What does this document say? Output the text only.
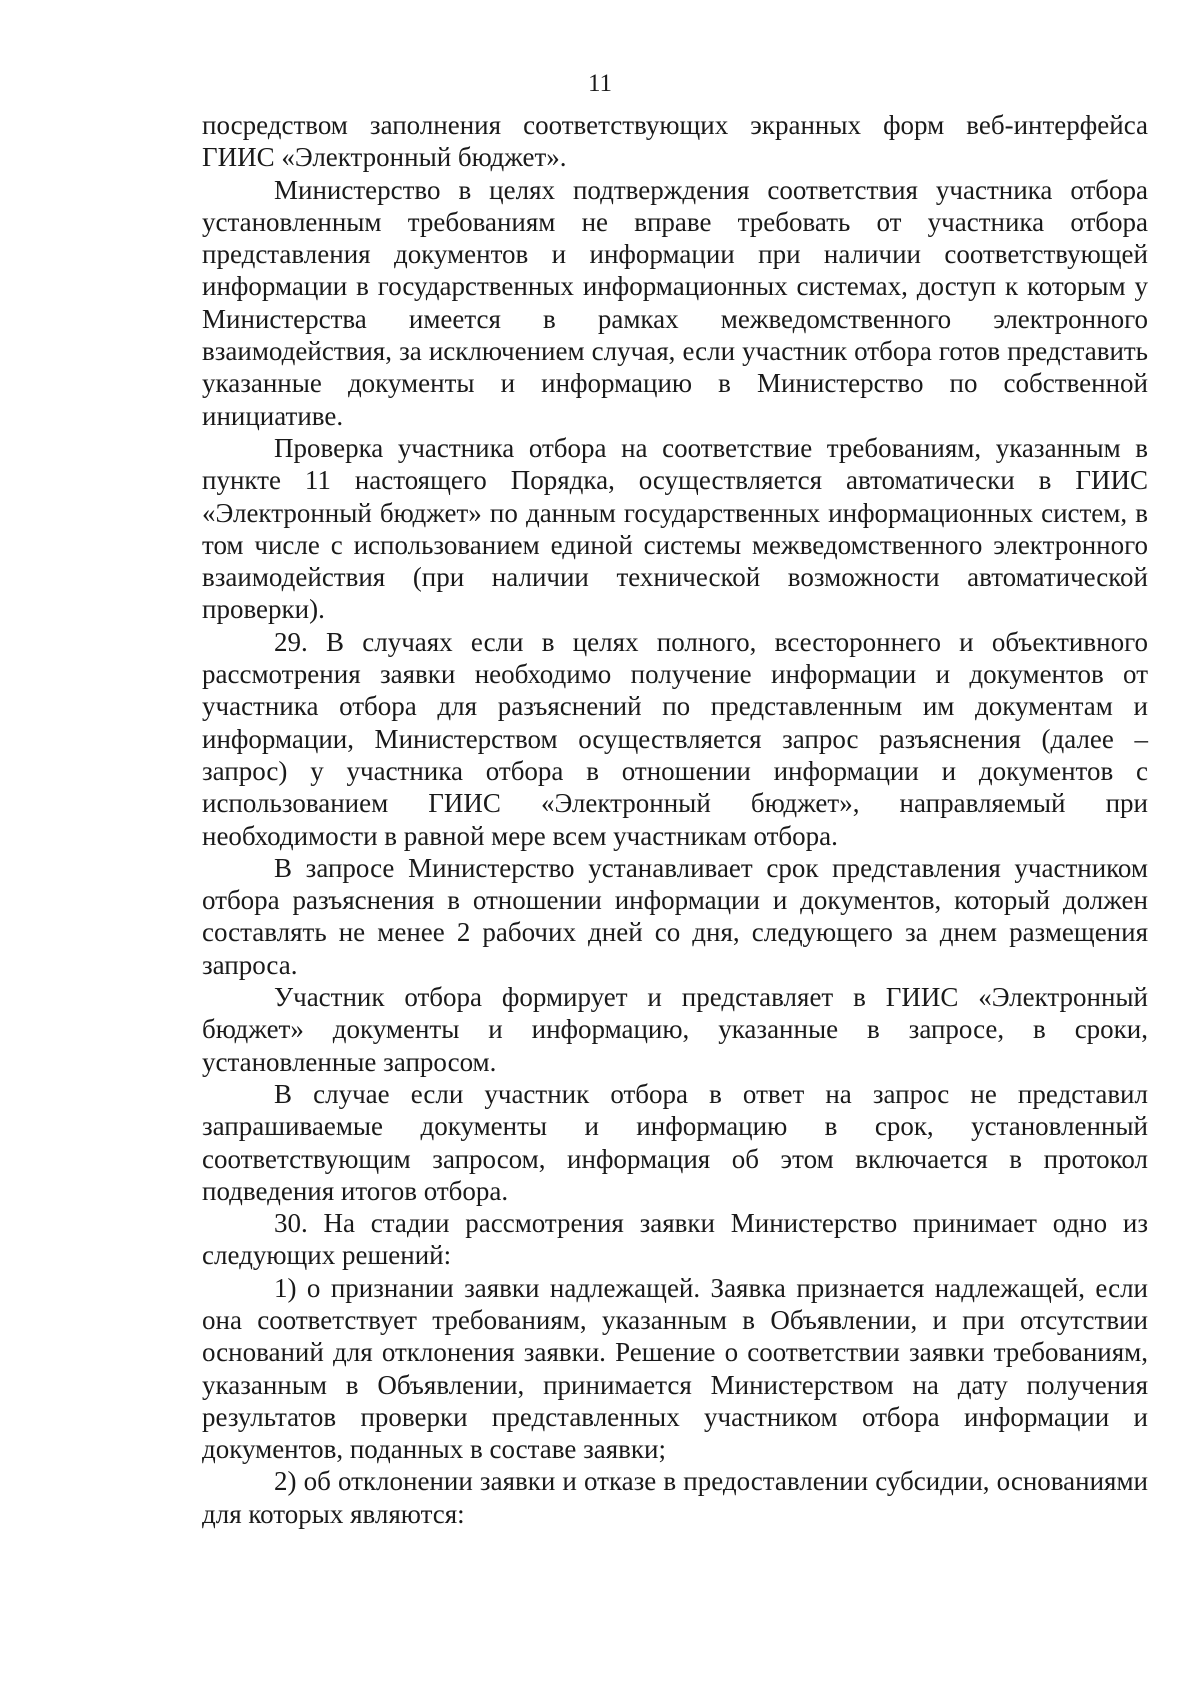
11

посредством заполнения соответствующих экранных форм веб-интерфейса ГИИС «Электронный бюджет».

Министерство в целях подтверждения соответствия участника отбора установленным требованиям не вправе требовать от участника отбора представления документов и информации при наличии соответствующей информации в государственных информационных системах, доступ к которым у Министерства имеется в рамках межведомственного электронного взаимодействия, за исключением случая, если участник отбора готов представить указанные документы и информацию в Министерство по собственной инициативе.

Проверка участника отбора на соответствие требованиям, указанным в пункте 11 настоящего Порядка, осуществляется автоматически в ГИИС «Электронный бюджет» по данным государственных информационных систем, в том числе с использованием единой системы межведомственного электронного взаимодействия (при наличии технической возможности автоматической проверки).

29. В случаях если в целях полного, всестороннего и объективного рассмотрения заявки необходимо получение информации и документов от участника отбора для разъяснений по представленным им документам и информации, Министерством осуществляется запрос разъяснения (далее – запрос) у участника отбора в отношении информации и документов с использованием ГИИС «Электронный бюджет», направляемый при необходимости в равной мере всем участникам отбора.

В запросе Министерство устанавливает срок представления участником отбора разъяснения в отношении информации и документов, который должен составлять не менее 2 рабочих дней со дня, следующего за днем размещения запроса.

Участник отбора формирует и представляет в ГИИС «Электронный бюджет» документы и информацию, указанные в запросе, в сроки, установленные запросом.

В случае если участник отбора в ответ на запрос не представил запрашиваемые документы и информацию в срок, установленный соответствующим запросом, информация об этом включается в протокол подведения итогов отбора.

30. На стадии рассмотрения заявки Министерство принимает одно из следующих решений:

1) о признании заявки надлежащей. Заявка признается надлежащей, если она соответствует требованиям, указанным в Объявлении, и при отсутствии оснований для отклонения заявки. Решение о соответствии заявки требованиям, указанным в Объявлении, принимается Министерством на дату получения результатов проверки представленных участником отбора информации и документов, поданных в составе заявки;

2) об отклонении заявки и отказе в предоставлении субсидии, основаниями для которых являются:
